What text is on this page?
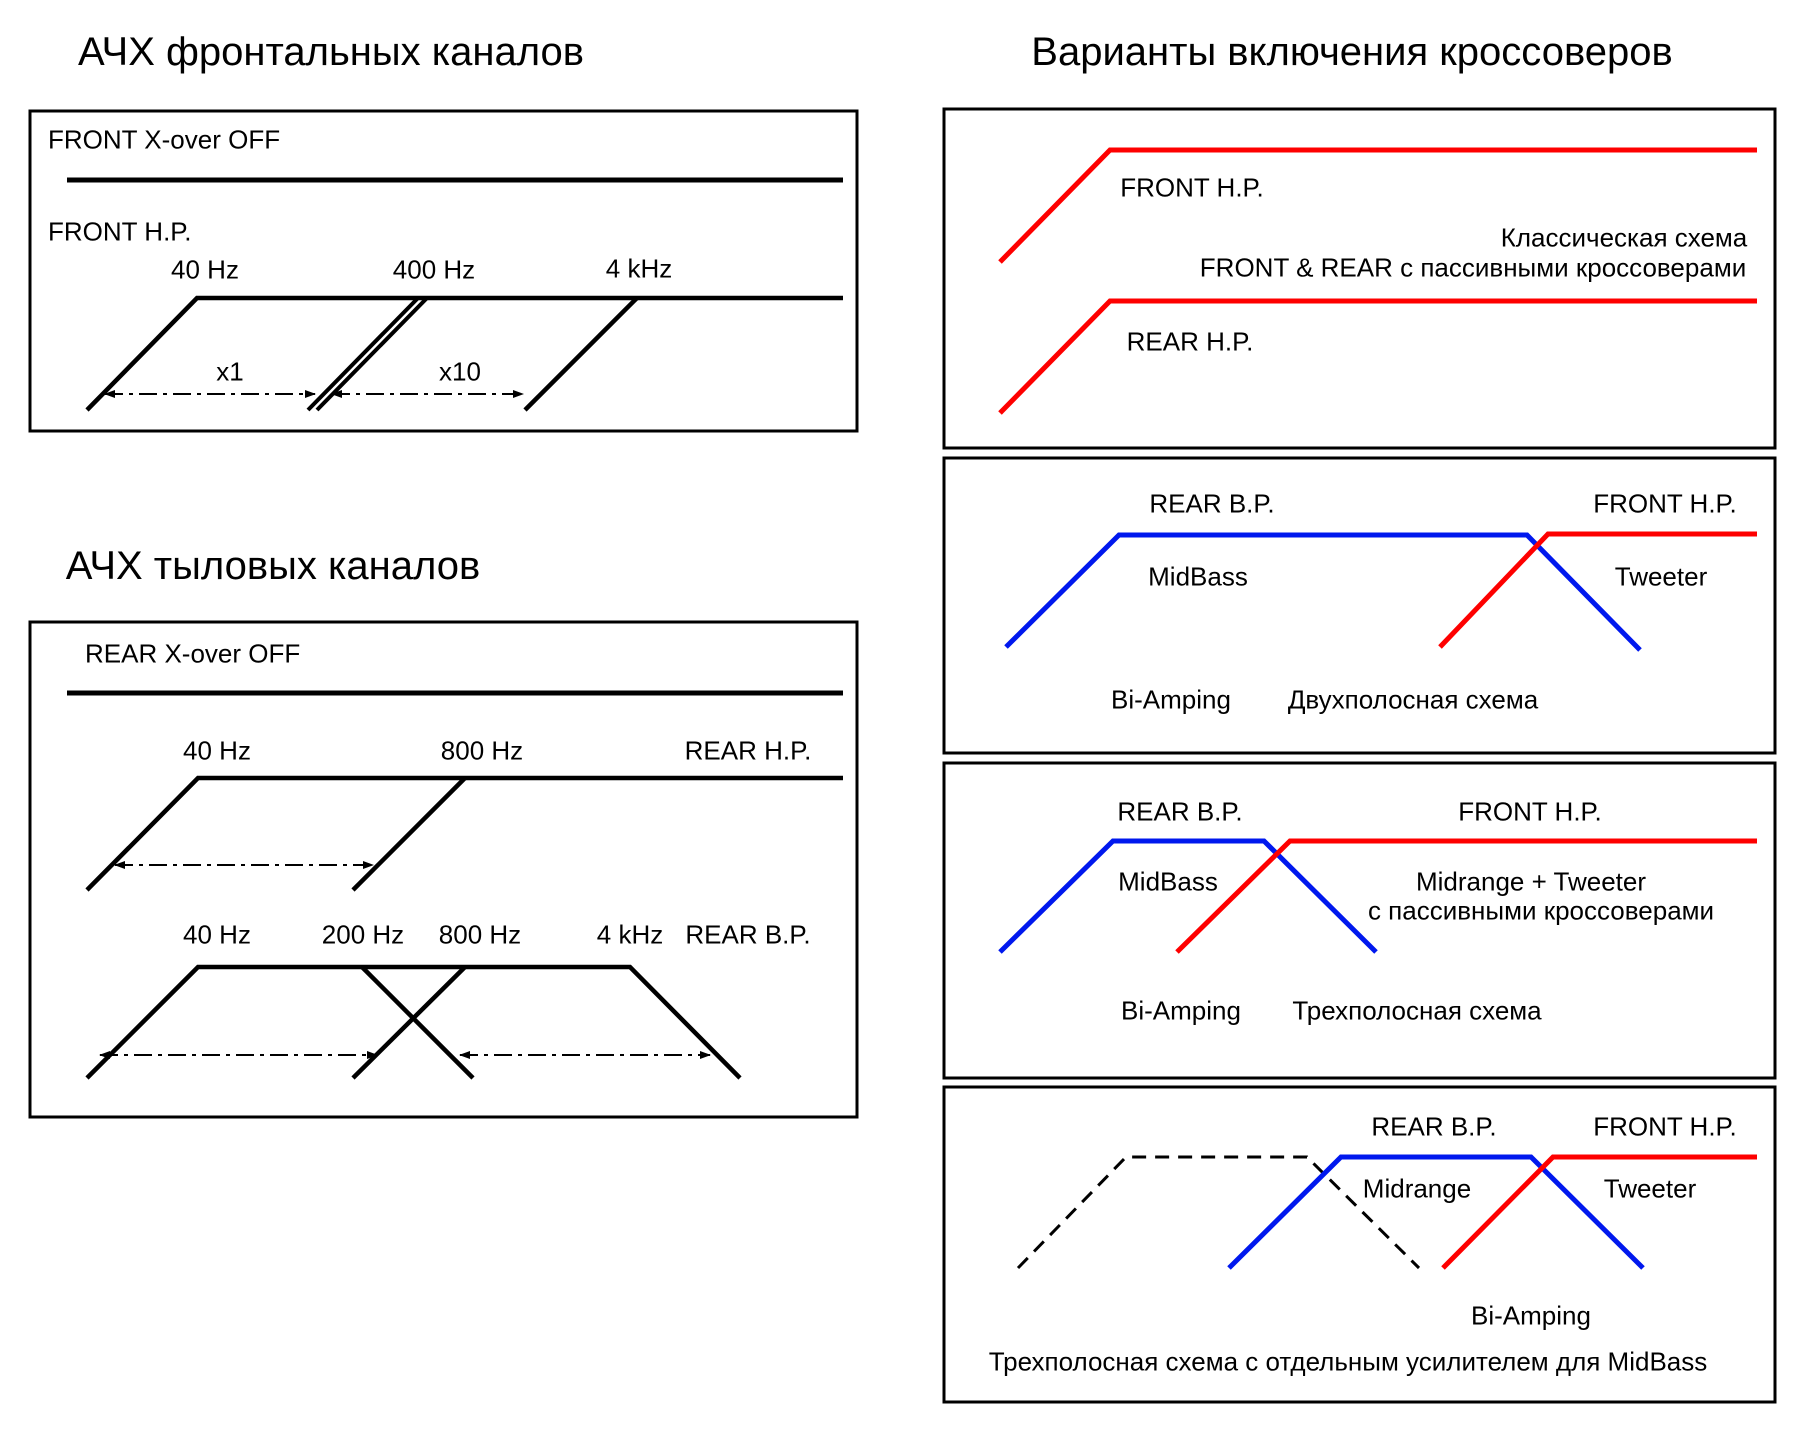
АЧХ фронтальных каналов	Варианты включения кроссоверов
АЧХ тыловых каналов
FRONT X-over OFF
FRONT H.P.
40 Hz	400 Hz	4 kHz
x1	x10
REAR X-over OFF
40 Hz	800 Hz	REAR H.P.
40 Hz	200 Hz 800 Hz	4 kHz REAR B.P.
FRONT H.P.
Классическая схема
FRONT & REAR с пассивными кроссоверами
REAR H.P.
REAR B.P.	FRONT H.P.
MidBass	Tweeter
Bi-Amping Двухполосная схема
REAR B.P.	FRONT H.P.
MidBass	Midrange + Tweeter
с пассивными кроссоверами
Bi-Amping Трехполосная схема
REAR B.P.	FRONT H.P.
Midrange	Tweeter
Bi-Amping
Трехполосная схема с отдельным усилителем для MidBass
